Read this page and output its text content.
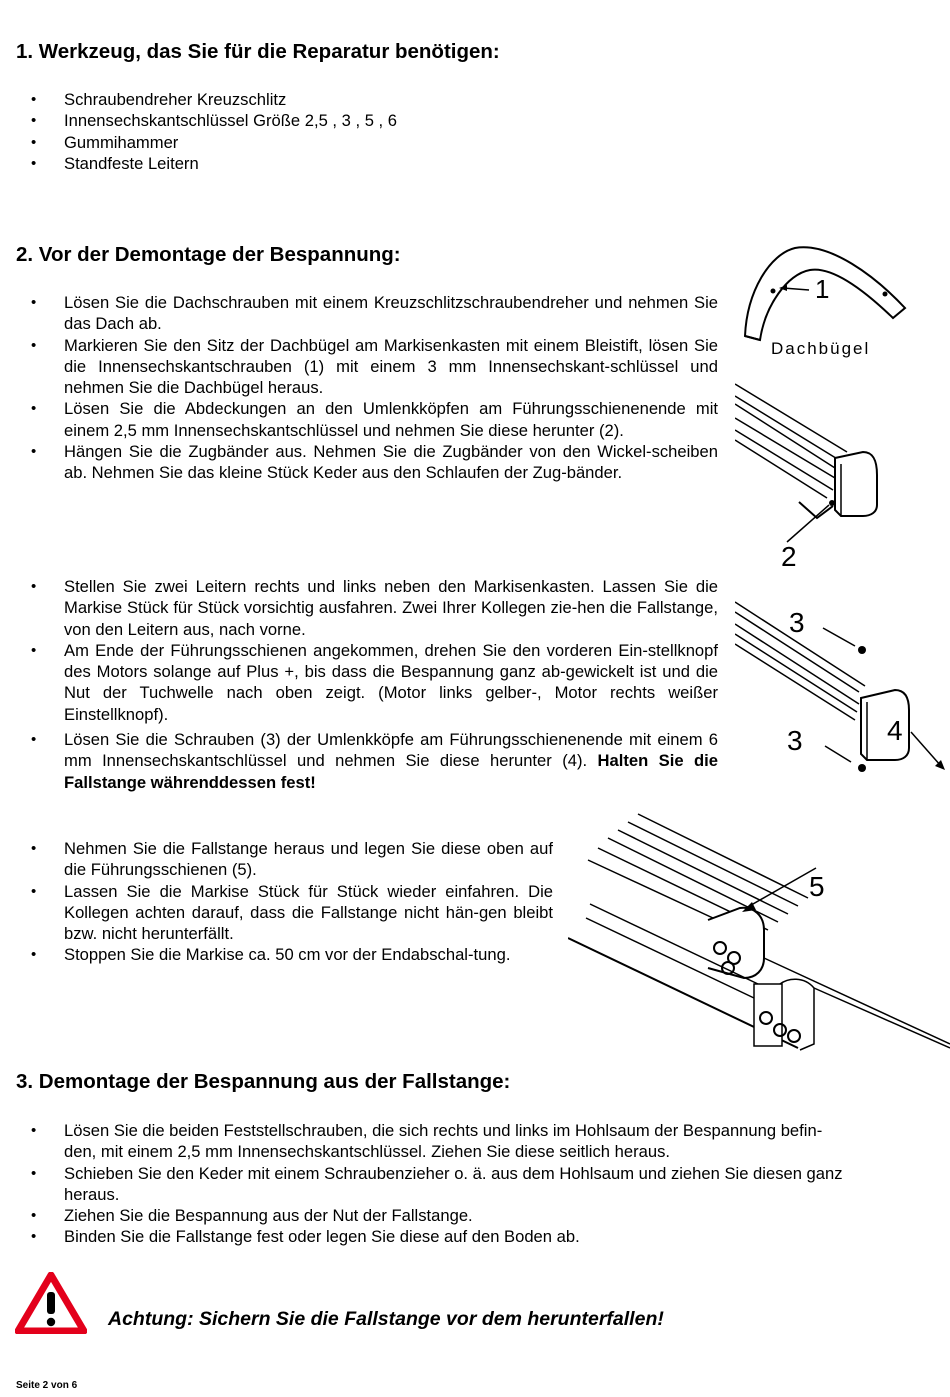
1. Werkzeug, das Sie für die Reparatur benötigen:
• Schraubendreher Kreuzschlitz
• Innensechskantschlüssel Größe 2,5 , 3 , 5 , 6
• Gummihammer
• Standfeste Leitern
2. Vor der Demontage der Bespannung:
• Lösen Sie die Dachschrauben mit einem Kreuzschlitzschraubendreher und nehmen Sie das Dach ab.
• Markieren Sie den Sitz der Dachbügel am Markisenkasten mit einem Bleistift, lösen Sie die Innensechskantschrauben (1) mit einem 3 mm Innensechskant-schlüssel und nehmen Sie die Dachbügel heraus.
• Lösen Sie die Abdeckungen an den Umlenkköpfen am Führungsschienenende mit einem 2,5 mm Innensechskantschlüssel und nehmen Sie diese herunter (2).
• Hängen Sie die Zugbänder aus. Nehmen Sie die Zugbänder von den Wickel-scheiben ab. Nehmen Sie das kleine Stück Keder aus den Schlaufen der Zug-bänder.
• Stellen Sie zwei Leitern rechts und links neben den Markisenkasten. Lassen Sie die Markise Stück für Stück vorsichtig ausfahren. Zwei Ihrer Kollegen zie-hen die Fallstange, von den Leitern aus, nach vorne.
• Am Ende der Führungsschienen angekommen, drehen Sie den vorderen Ein-stellknopf des Motors solange auf Plus +, bis dass die Bespannung ganz ab-gewickelt ist und die Nut der Tuchwelle nach oben zeigt. (Motor links gelber-, Motor rechts weißer Einstellknopf).
• Lösen Sie die Schrauben (3) der Umlenkköpfe am Führungsschienenende mit einem 6 mm Innensechskantschlüssel und nehmen Sie diese herunter (4). Halten Sie die Fallstange währenddessen fest!
• Nehmen Sie die Fallstange heraus und legen Sie diese oben auf die Führungsschienen (5).
• Lassen Sie die Markise Stück für Stück wieder einfahren. Die Kollegen achten darauf, dass die Fallstange nicht hän-gen bleibt bzw. nicht herunterfällt.
• Stoppen Sie die Markise ca. 50 cm vor der Endabschal-tung.
1
Dachbügel
2
3
3	4
5
3. Demontage der Bespannung aus der Fallstange:
• Lösen Sie die beiden Feststellschrauben, die sich rechts und links im Hohlsaum der Bespannung befin-den, mit einem 2,5 mm Innensechskantschlüssel. Ziehen Sie diese seitlich heraus.
• Schieben Sie den Keder mit einem Schraubenzieher o. ä. aus dem Hohlsaum und ziehen Sie diesen ganz heraus.
• Ziehen Sie die Bespannung aus der Nut der Fallstange.
• Binden Sie die Fallstange fest oder legen Sie diese auf den Boden ab.
Achtung: Sichern Sie die Fallstange vor dem herunterfallen!
Seite 2 von 6
